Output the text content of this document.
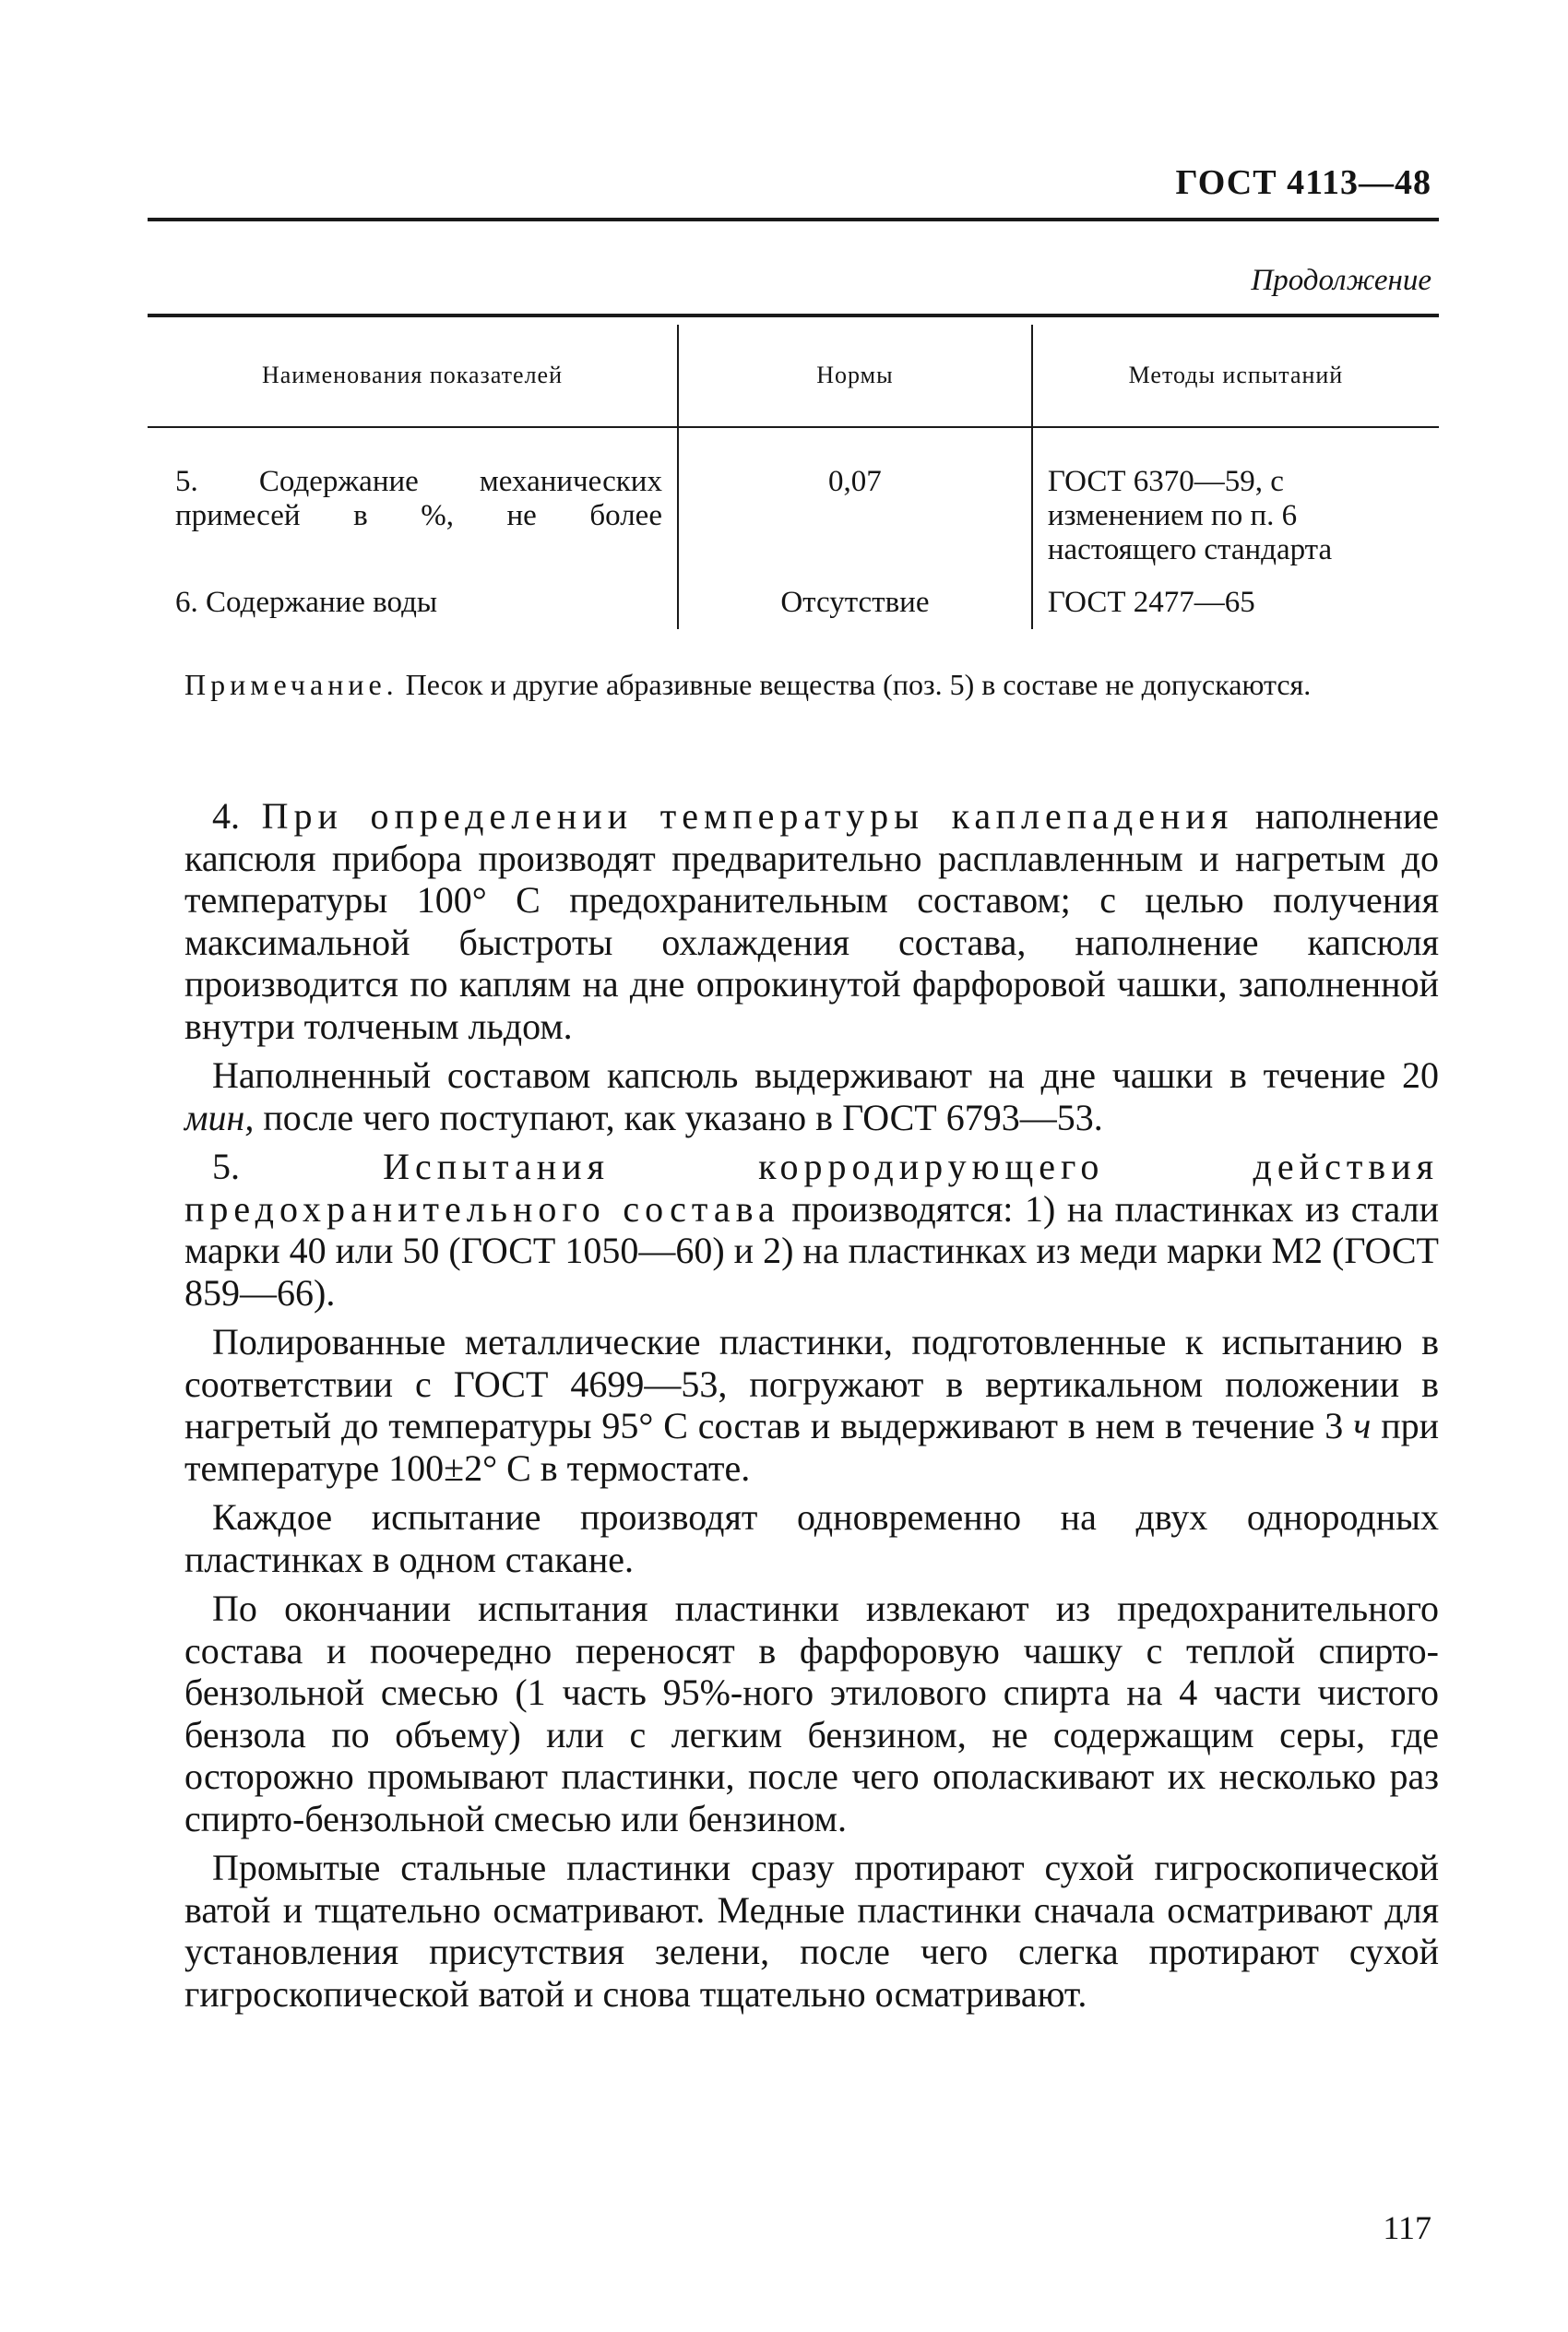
ГОСТ 4113—48
Продолжение
Наименования показателей	Нормы	Методы испытаний
5. Содержание механических примесей в %, не более	0,07	ГОСТ 6370—59, с изменением по п. 6 настоящего стандарта
6. Содержание воды	Отсутствие	ГОСТ 2477—65
Примечание. Песок и другие абразивные вещества (поз. 5) в составе не допускаются.

4. При определении температуры каплепадения наполнение капсюля прибора производят предварительно расплавленным и нагретым до температуры 100° С предохранительным составом; с целью получения максимальной быстроты охлаждения состава, наполнение капсюля производится по каплям на дне опрокинутой фарфоровой чашки, заполненной внутри толченым льдом.

Наполненный составом капсюль выдерживают на дне чашки в течение 20 мин, после чего поступают, как указано в ГОСТ 6793—53.

5.	Испытания корродирующего действия предохранительного состава производятся: 1) на пластинках из стали марки 40 или 50 (ГОСТ 1050—60) и 2) на пластинках из меди марки М2 (ГОСТ 859—66).

Полированные металлические пластинки, подготовленные к испытанию в соответствии с ГОСТ 4699—53, погружают в вертикальном положении в нагретый до температуры 95° С состав и выдерживают в нем в течение 3 ч при температуре 100±2° С в термостате.

Каждое испытание производят одновременно на двух однородных пластинках в одном стакане.

По окончании испытания пластинки извлекают из предохранительного состава и поочередно переносят в фарфоровую чашку с теплой спирто-бензольной смесью (1 часть 95%-ного этилового спирта на 4 части чистого бензола по объему) или с легким бензином, не содержащим серы, где осторожно промывают пластинки, после чего ополаскивают их несколько раз спирто-бензольной смесью или бензином.

Промытые стальные пластинки сразу протирают сухой гигроскопической ватой и тщательно осматривают. Медные пластинки сначала осматривают для установления присутствия зелени, после чего слегка протирают сухой гигроскопической ватой и снова тщательно осматривают.

117
